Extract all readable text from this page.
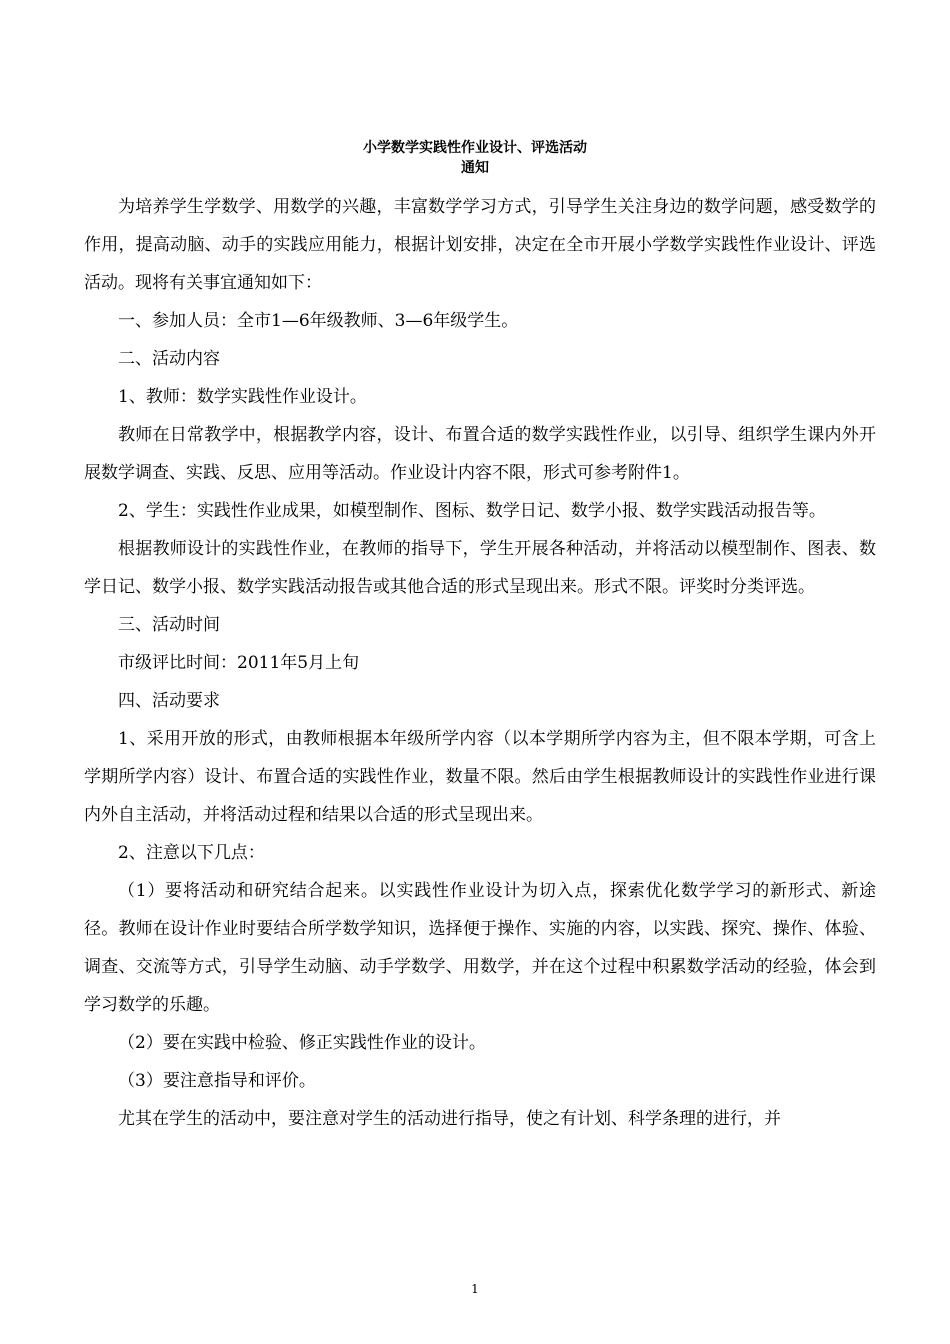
小学数学实践性作业设计、评选活动
通知

为培养学生学数学、用数学的兴趣，丰富数学学习方式，引导学生关注身边的数学问题，感受数学的作用，提高动脑、动手的实践应用能力，根据计划安排，决定在全市开展小学数学实践性作业设计、评选活动。现将有关事宜通知如下：

一、参加人员：全市1—6年级教师、3—6年级学生。

二、活动内容

1、教师：数学实践性作业设计。

教师在日常教学中，根据教学内容，设计、布置合适的数学实践性作业，以引导、组织学生课内外开展数学调查、实践、反思、应用等活动。作业设计内容不限，形式可参考附件1。

2、学生：实践性作业成果，如模型制作、图标、数学日记、数学小报、数学实践活动报告等。

根据教师设计的实践性作业，在教师的指导下，学生开展各种活动，并将活动以模型制作、图表、数学日记、数学小报、数学实践活动报告或其他合适的形式呈现出来。形式不限。评奖时分类评选。

三、活动时间

市级评比时间：2011年5月上旬

四、活动要求

1、采用开放的形式，由教师根据本年级所学内容（以本学期所学内容为主，但不限本学期，可含上学期所学内容）设计、布置合适的实践性作业，数量不限。然后由学生根据教师设计的实践性作业进行课内外自主活动，并将活动过程和结果以合适的形式呈现出来。

2、注意以下几点：

（1）要将活动和研究结合起来。以实践性作业设计为切入点，探索优化数学学习的新形式、新途径。教师在设计作业时要结合所学数学知识，选择便于操作、实施的内容，以实践、探究、操作、体验、调查、交流等方式，引导学生动脑、动手学数学、用数学，并在这个过程中积累数学活动的经验，体会到学习数学的乐趣。

（2）要在实践中检验、修正实践性作业的设计。

（3）要注意指导和评价。

尤其在学生的活动中，要注意对学生的活动进行指导，使之有计划、科学条理的进行，并

1
